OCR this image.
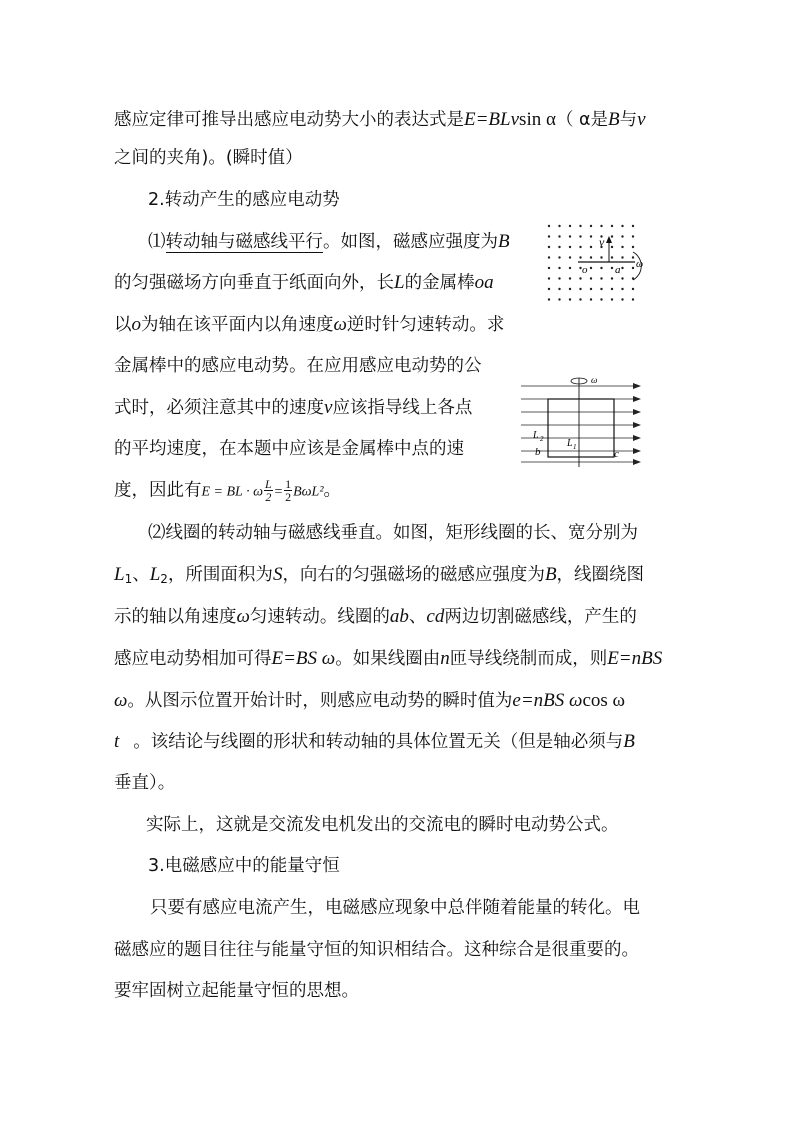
感应定律可推导出感应电动势大小的表达式是E=BLvsin α（ α是B与v
之间的夹角)。(瞬时值）
2.转动产生的感应电动势
⑴转动轴与磁感线平行。如图，磁感应强度为B
的匀强磁场方向垂直于纸面向外，长L的金属棒oa
以o为轴在该平面内以角速度ω逆时针匀速转动。求
金属棒中的感应电动势。在应用感应电动势的公
式时，必须注意其中的速度v应该指导线上各点
的平均速度，在本题中应该是金属棒中点的速
度，因此有E = BL · ω $\frac{L}{2} = \frac{1}{2} B\omega L^2$。
⑵线圈的转动轴与磁感线垂直。如图，矩形线圈的长、宽分别为
$L_1$、$L_2$，所围面积为S，向右的匀强磁场的磁感应强度为B，线圈绕图
示的轴以角速度ω匀速转动。线圈的ab、cd两边切割磁感线，产生的
感应电动势相加可得E=BS ω。如果线圈由n匝导线绕制而成，则E=nBS
ω。从图示位置开始计时，则感应电动势的瞬时值为e=nBS ωcos ω
t 。该结论与线圈的形状和转动轴的具体位置无关（但是轴必须与B
垂直）。
实际上，这就是交流发电机发出的交流电的瞬时电动势公式。
3.电磁感应中的能量守恒
只要有感应电流产生，电磁感应现象中总伴随着能量的转化。电
磁感应的题目往往与能量守恒的知识相结合。这种综合是很重要的。
要牢固树立起能量守恒的思想。
v
o	a ω
ω
L 2 L 1
b	c
